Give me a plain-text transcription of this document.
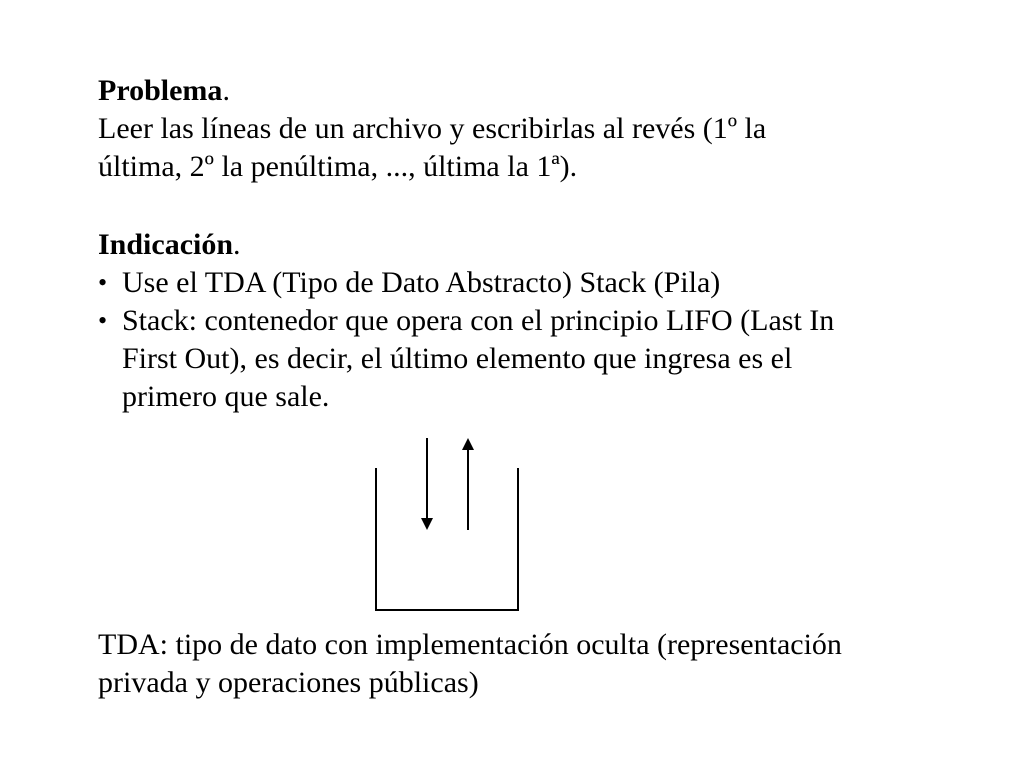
Problema.
Leer las líneas de un archivo y escribirlas al revés (1º la
última, 2º la penúltima, ..., última la 1ª).
Indicación.
• Use el TDA (Tipo de Dato Abstracto) Stack (Pila)
• Stack: contenedor que opera con el principio LIFO (Last In
First Out), es decir, el último elemento que ingresa es el
primero que sale.
TDA: tipo de dato con implementación oculta (representación
privada y operaciones públicas)
